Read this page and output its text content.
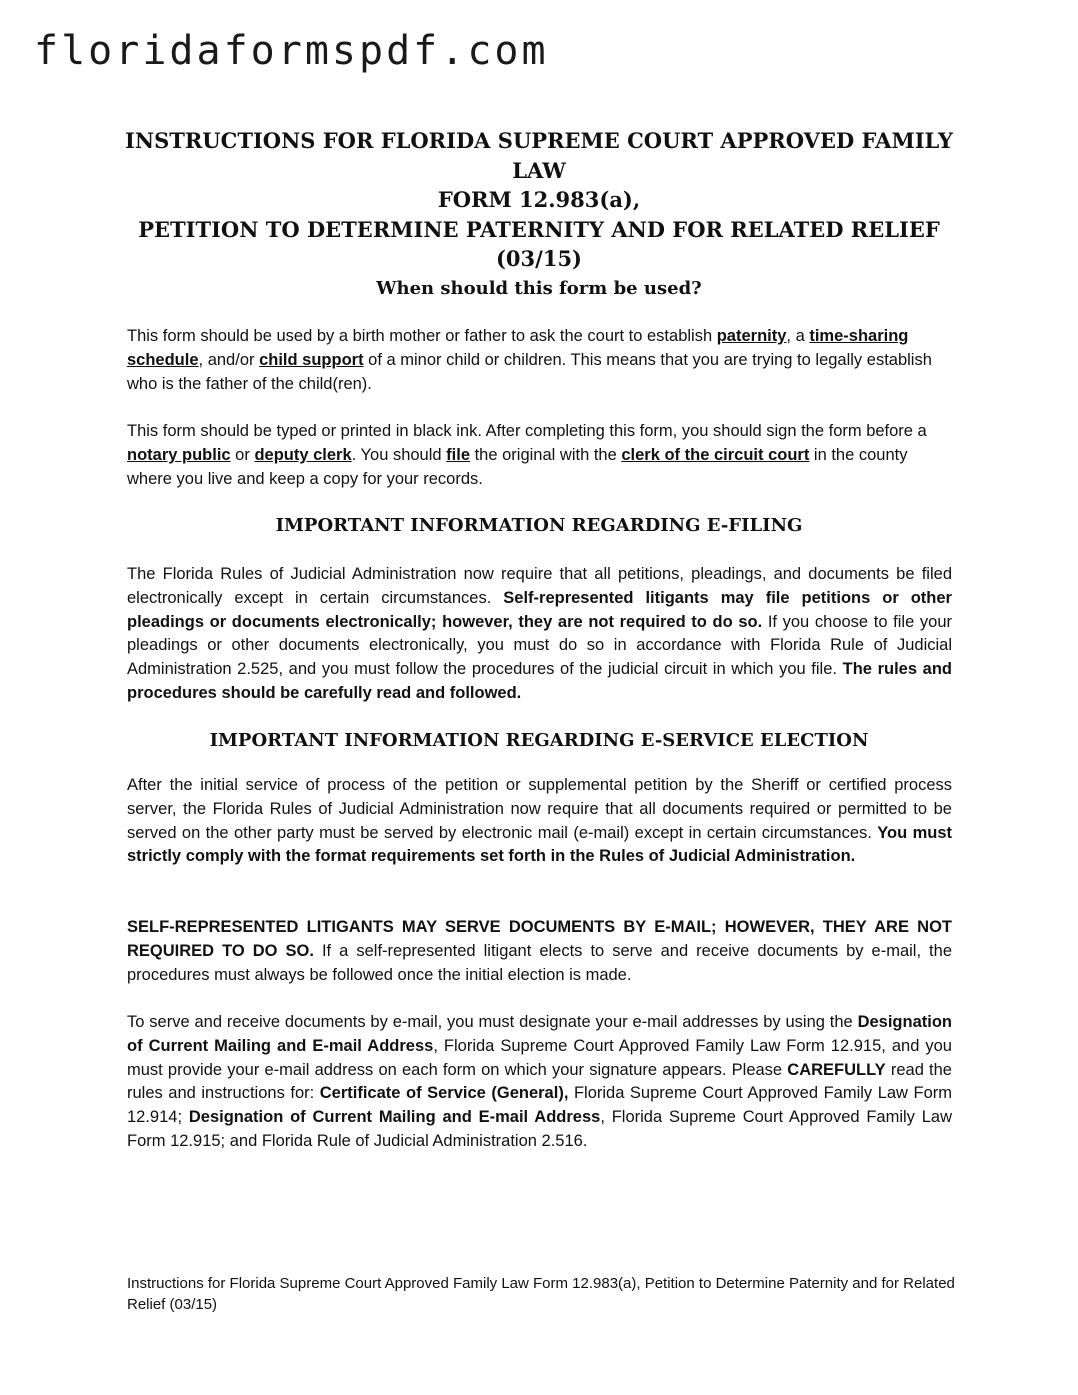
floridaformspdf.com
INSTRUCTIONS FOR FLORIDA SUPREME COURT APPROVED FAMILY LAW
FORM 12.983(a),
PETITION TO DETERMINE PATERNITY AND FOR RELATED RELIEF
(03/15)
When should this form be used?
This form should be used by a birth mother or father to ask the court to establish paternity, a time-sharing schedule, and/or child support of a minor child or children. This means that you are trying to legally establish who is the father of the child(ren).
This form should be typed or printed in black ink. After completing this form, you should sign the form before a notary public or deputy clerk. You should file the original with the clerk of the circuit court in the county where you live and keep a copy for your records.
IMPORTANT INFORMATION REGARDING E-FILING
The Florida Rules of Judicial Administration now require that all petitions, pleadings, and documents be filed electronically except in certain circumstances. Self-represented litigants may file petitions or other pleadings or documents electronically; however, they are not required to do so. If you choose to file your pleadings or other documents electronically, you must do so in accordance with Florida Rule of Judicial Administration 2.525, and you must follow the procedures of the judicial circuit in which you file. The rules and procedures should be carefully read and followed.
IMPORTANT INFORMATION REGARDING E-SERVICE ELECTION
After the initial service of process of the petition or supplemental petition by the Sheriff or certified process server, the Florida Rules of Judicial Administration now require that all documents required or permitted to be served on the other party must be served by electronic mail (e-mail) except in certain circumstances. You must strictly comply with the format requirements set forth in the Rules of Judicial Administration.
SELF-REPRESENTED LITIGANTS MAY SERVE DOCUMENTS BY E-MAIL; HOWEVER, THEY ARE NOT REQUIRED TO DO SO. If a self-represented litigant elects to serve and receive documents by e-mail, the procedures must always be followed once the initial election is made.
To serve and receive documents by e-mail, you must designate your e-mail addresses by using the Designation of Current Mailing and E-mail Address, Florida Supreme Court Approved Family Law Form 12.915, and you must provide your e-mail address on each form on which your signature appears. Please CAREFULLY read the rules and instructions for: Certificate of Service (General), Florida Supreme Court Approved Family Law Form 12.914; Designation of Current Mailing and E-mail Address, Florida Supreme Court Approved Family Law Form 12.915; and Florida Rule of Judicial Administration 2.516.
Instructions for Florida Supreme Court Approved Family Law Form 12.983(a), Petition to Determine Paternity and for Related Relief (03/15)
